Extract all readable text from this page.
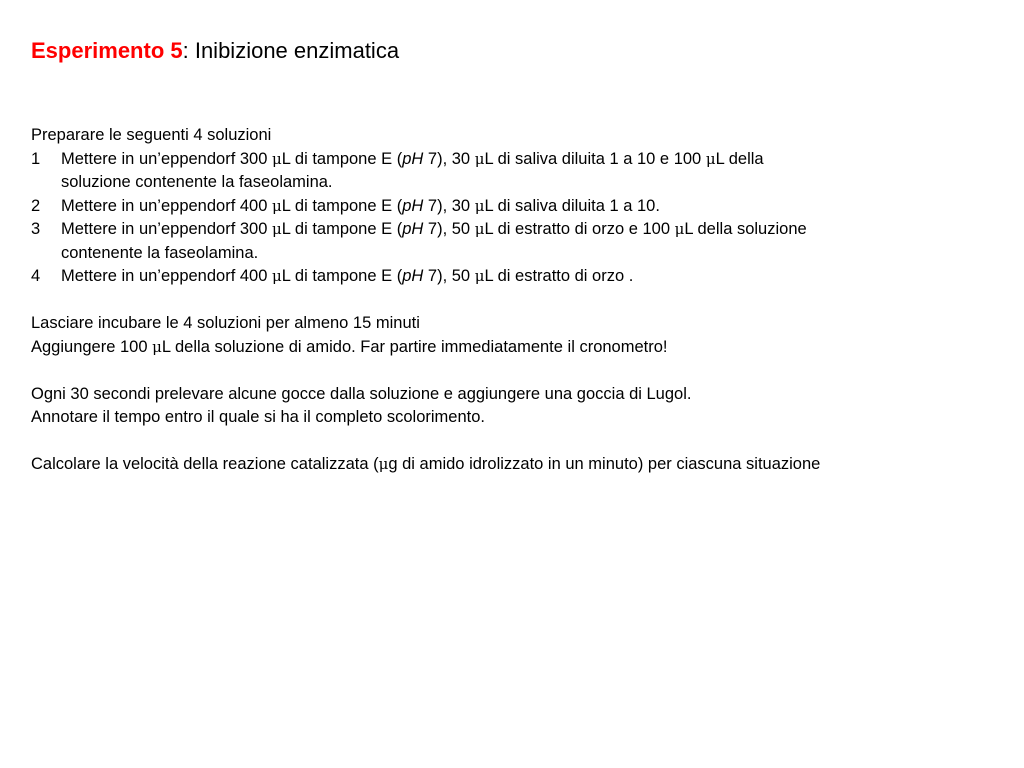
Esperimento 5: Inibizione enzimatica
Preparare le seguenti 4 soluzioni
1	Mettere in un’eppendorf 300 μL di tampone E (pH 7), 30 μL di saliva diluita 1 a 10 e 100 μL della
soluzione contenente la faseolamina.
2	Mettere in un’eppendorf 400 μL di tampone E (pH 7), 30 μL di saliva diluita 1 a 10.
3	Mettere in un’eppendorf 300 μL di tampone E (pH 7), 50 μL di estratto di orzo e 100 μL della soluzione
contenente la faseolamina.
4	Mettere in un’eppendorf 400 μL di tampone E (pH 7), 50 μL di estratto di orzo .
Lasciare incubare le 4 soluzioni per almeno 15 minuti
Aggiungere 100 μL della soluzione di amido. Far partire immediatamente il cronometro!
Ogni 30 secondi prelevare alcune gocce dalla soluzione e aggiungere una goccia di Lugol.
Annotare il tempo entro il quale si ha il completo scolorimento.
Calcolare la velocità della reazione catalizzata (μg di amido idrolizzato in un minuto) per ciascuna situazione
